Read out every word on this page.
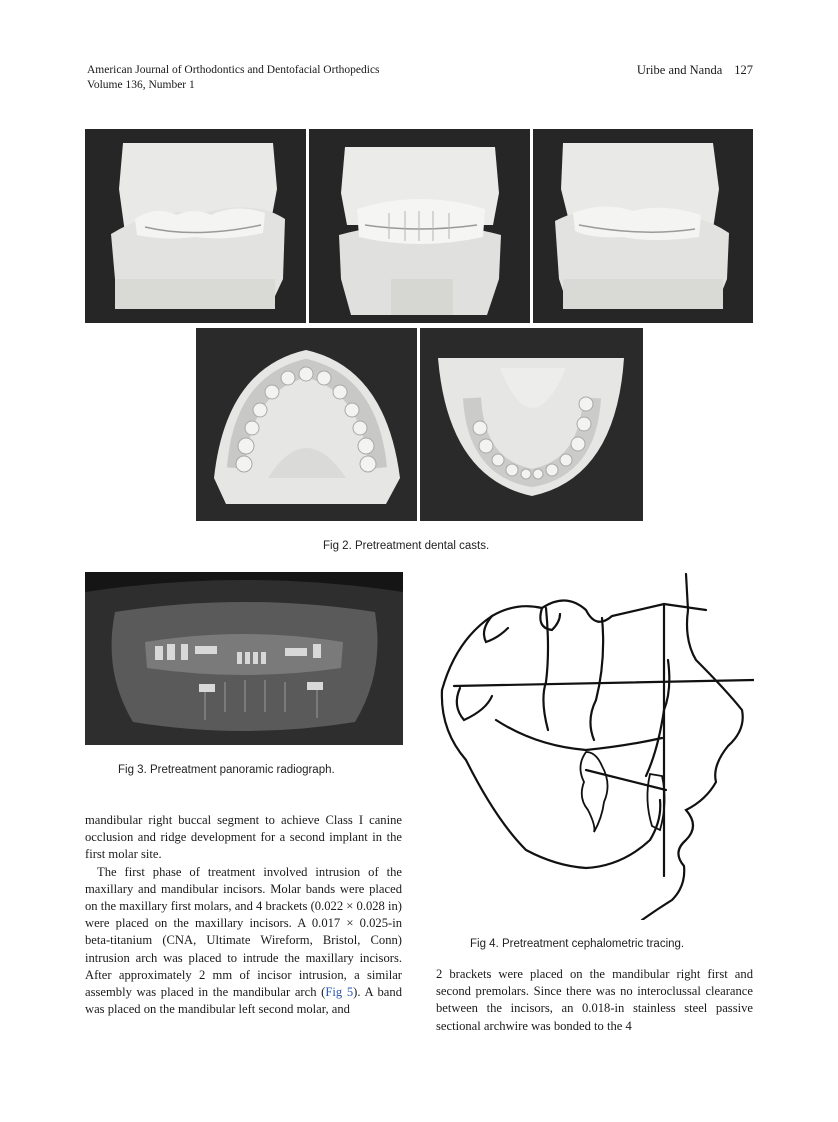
American Journal of Orthodontics and Dentofacial Orthopedics
Volume 136, Number 1
Uribe and Nanda 127
Fig 2. Pretreatment dental casts.
Fig 3. Pretreatment panoramic radiograph.
Fig 4. Pretreatment cephalometric tracing.

mandibular right buccal segment to achieve Class I canine occlusion and ridge development for a second implant in the first molar site.

The first phase of treatment involved intrusion of the maxillary and mandibular incisors. Molar bands were placed on the maxillary first molars, and 4 brackets (0.022 × 0.028 in) were placed on the maxillary incisors. A 0.017 × 0.025-in beta-titanium (CNA, Ultimate Wireform, Bristol, Conn) intrusion arch was placed to intrude the maxillary incisors. After approximately 2 mm of incisor intrusion, a similar assembly was placed in the mandibular arch (Fig 5). A band was placed on the mandibular left second molar, and

2 brackets were placed on the mandibular right first and second premolars. Since there was no interoclussal clearance between the incisors, an 0.018-in stainless steel passive sectional archwire was bonded to the 4
